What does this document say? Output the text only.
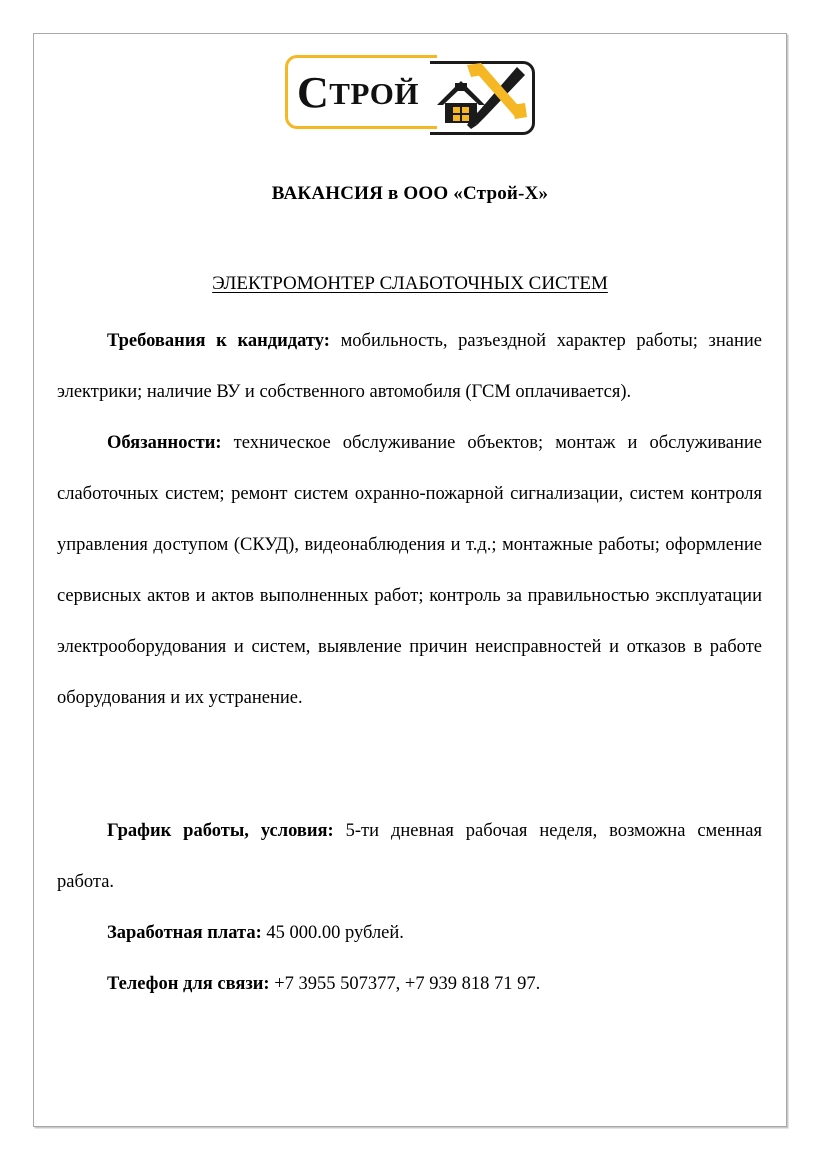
С ТРОЙ
ВАКАНСИЯ в ООО «Строй-Х»
ЭЛЕКТРОМОНТЕР СЛАБОТОЧНЫХ СИСТЕМ

Требования к кандидату: мобильность, разъездной характер работы; знание электрики; наличие ВУ и собственного автомобиля (ГСМ оплачивается).

Обязанности: техническое обслуживание объектов; монтаж и обслуживание слаботочных систем; ремонт систем охранно-пожарной сигнализации, систем контроля управления доступом (СКУД), видеонаблюдения и т.д.; монтажные работы; оформление сервисных актов и актов выполненных работ; контроль за правильностью эксплуатации электрооборудования и систем, выявление причин неисправностей и отказов в работе оборудования и их устранение.

График работы, условия: 5-ти дневная рабочая неделя, возможна сменная работа.

Заработная плата: 45 000.00 рублей.

Телефон для связи: +7 3955 507377, +7 939 818 71 97.
